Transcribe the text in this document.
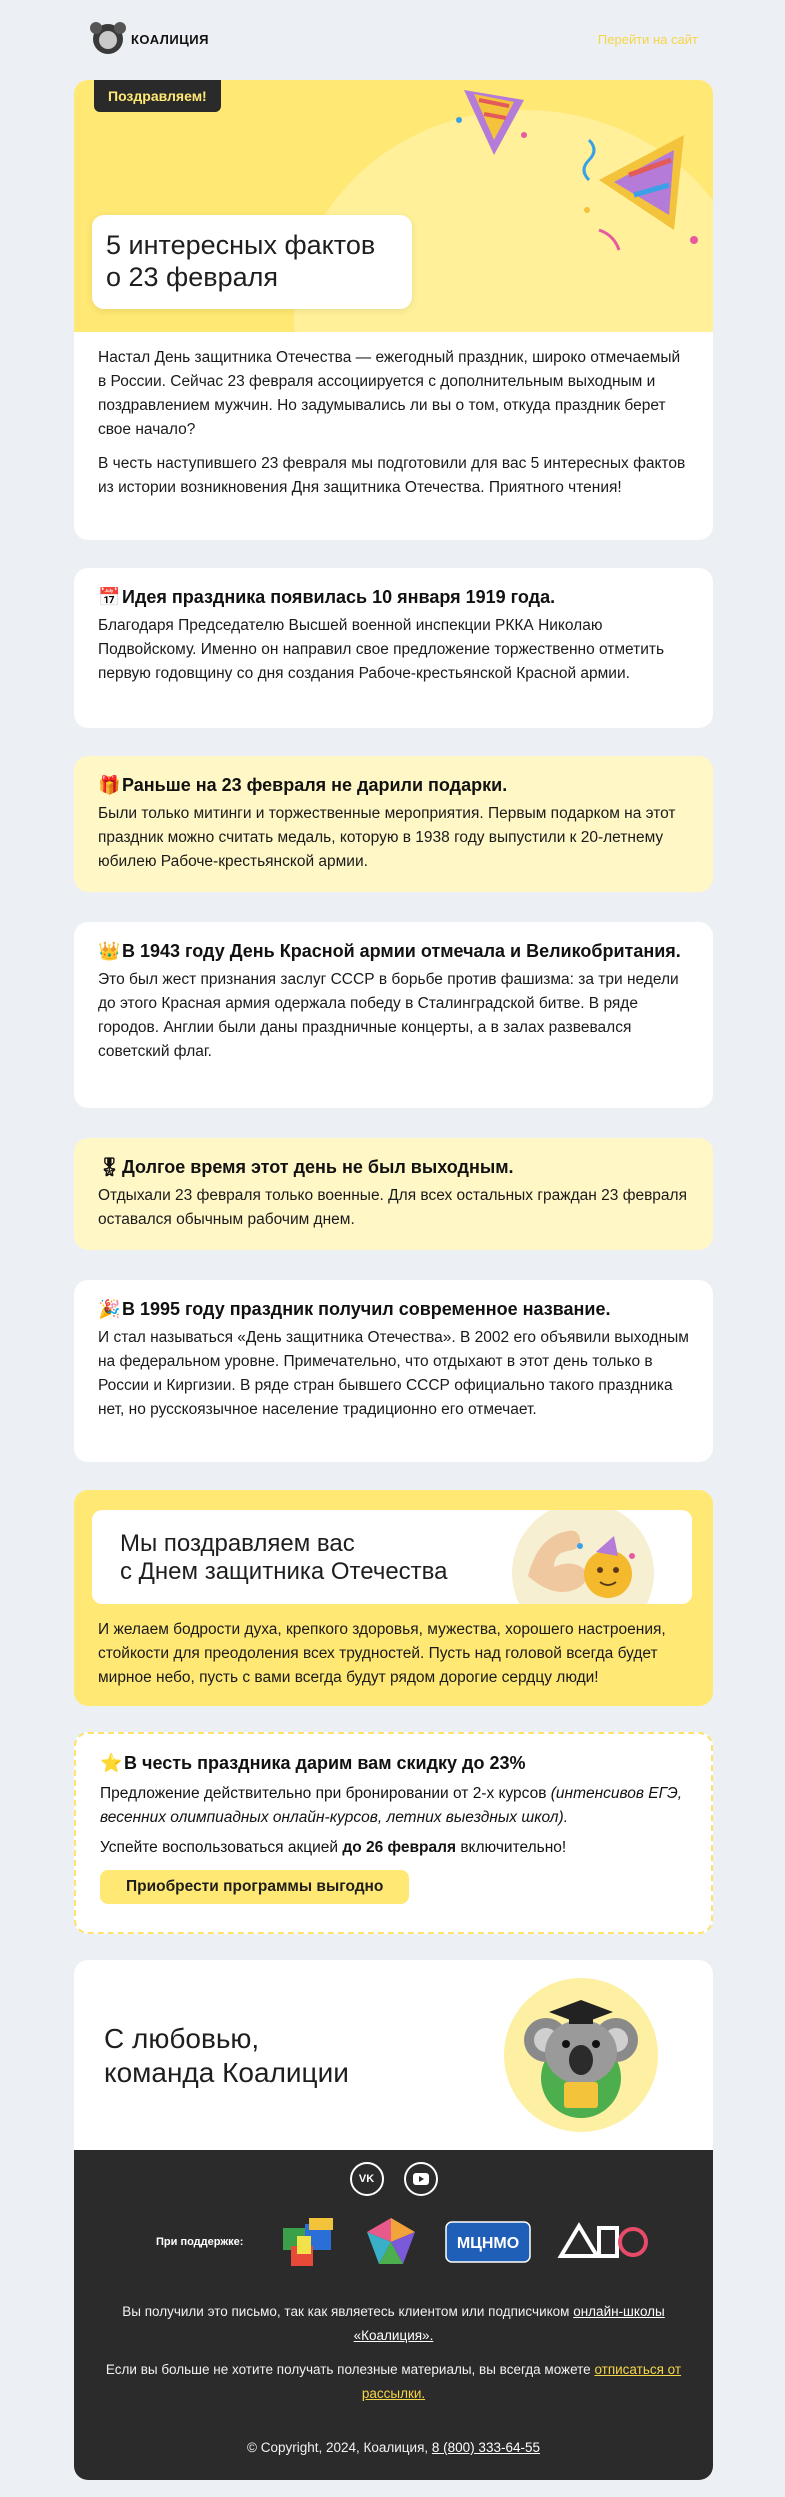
КОАЛИЦИЯ	Перейти на сайт
Поздравляем!
5 интересных фактов
о 23 февраля

Настал День защитника Отечества — ежегодный праздник, широко отмечаемый в России. Сейчас 23 февраля ассоциируется с дополнительным выходным и поздравлением мужчин. Но задумывались ли вы о том, откуда праздник берет свое начало?

В честь наступившего 23 февраля мы подготовили для вас 5 интересных фактов из истории возникновения Дня защитника Отечества. Приятного чтения!

📅Идея праздника появилась 10 января 1919 года.

Благодаря Председателю Высшей военной инспекции РККА Николаю Подвойскому. Именно он направил свое предложение торжественно отметить первую годовщину со дня создания Рабоче-крестьянской Красной армии.

🎁Раньше на 23 февраля не дарили подарки.

Были только митинги и торжественные мероприятия. Первым подарком на этот праздник можно считать медаль, которую в 1938 году выпустили к 20-летнему юбилею Рабоче-крестьянской армии.

👑В 1943 году День Красной армии отмечала и Великобритания.

Это был жест признания заслуг СССР в борьбе против фашизма: за три недели до этого Красная армия одержала победу в Сталинградской битве. В ряде городов. Англии были даны праздничные концерты, а в залах развевался советский флаг.

🎖Долгое время этот день не был выходным.

Отдыхали 23 февраля только военные. Для всех остальных граждан 23 февраля оставался обычным рабочим днем.

🎉В 1995 году праздник получил современное название.

И стал называться «День защитника Отечества». В 2002 его объявили выходным на федеральном уровне. Примечательно, что отдыхают в этот день только в России и Киргизии. В ряде стран бывшего СССР официально такого праздника нет, но русскоязычное население традиционно его отмечает.

Мы поздравляем вас
с Днем защитника Отечества
И желаем бодрости духа, крепкого здоровья, мужества, хорошего настроения, стойкости для преодоления всех трудностей. Пусть над головой всегда будет мирное небо, пусть с вами всегда будут рядом дорогие сердцу люди!
⭐В честь праздника дарим вам скидку до 23%

Предложение действительно при бронировании от 2-х курсов (интенсивов ЕГЭ, весенних олимпиадных онлайн-курсов, летних выездных школ).

Успейте воспользоваться акцией до 26 февраля включительно!

Приобрести программы выгодно
С любовью,
команда Коалиции
VK
При поддержке:	МЦНМО
Вы получили это письмо, так как являетесь клиентом или подписчиком онлайн-школы «Коалиция».
Если вы больше не хотите получать полезные материалы, вы всегда можете отписаться от рассылки.
© Copyright, 2024, Коалиция, 8 (800) 333-64-55
